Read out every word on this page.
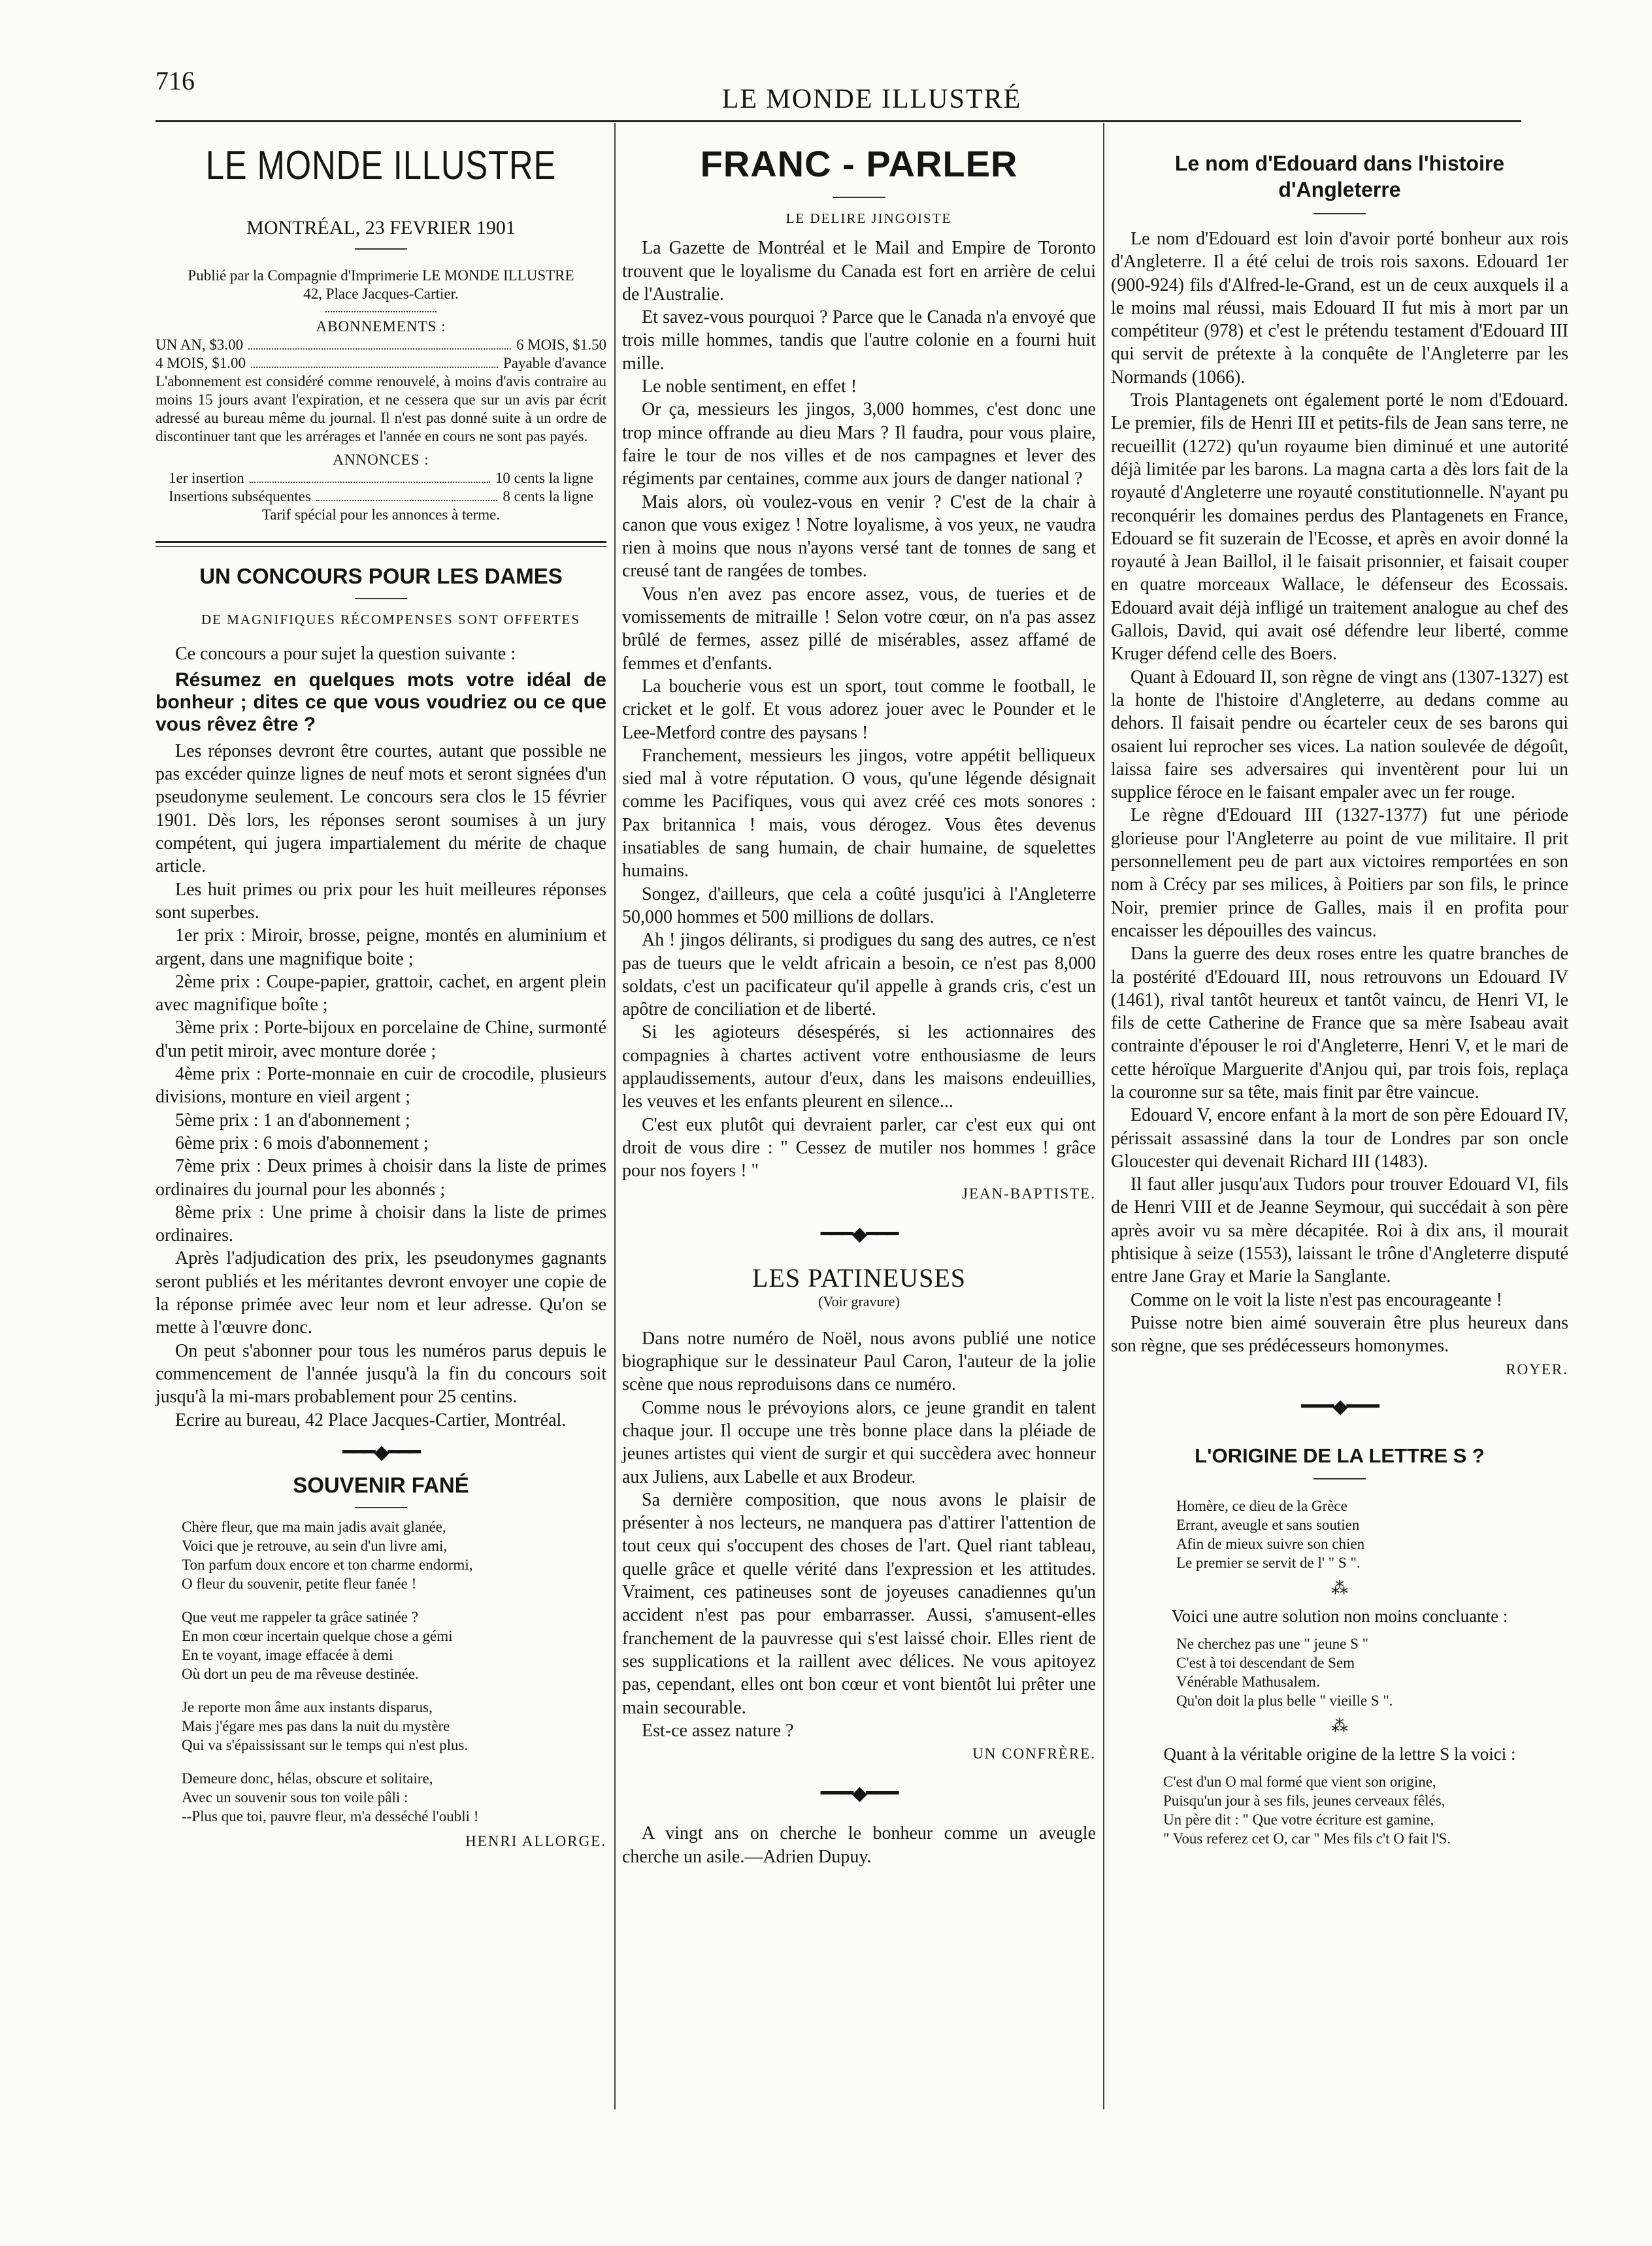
716
LE MONDE ILLUSTRÉ
LE MONDE ILLUSTRE

MONTRÉAL, 23 FEVRIER 1901

Publié par la Compagnie d'Imprimerie LE MONDE ILLUSTRE

42, Place Jacques-Cartier.

ABONNEMENTS :

UN AN, $3.00	6 MOIS, $1.50
4 MOIS, $1.00	Payable d'avance

L'abonnement est considéré comme renouvelé, à moins d'avis contraire au moins 15 jours avant l'expiration, et ne cessera que sur un avis par écrit adressé au bureau même du journal. Il n'est pas donné suite à un ordre de discontinuer tant que les arrérages et l'année en cours ne sont pas payés.

ANNONCES :

1er insertion	10 cents la ligne
Insertions subséquentes	8 cents la ligne

Tarif spécial pour les annonces à terme.

UN CONCOURS POUR LES DAMES

DE MAGNIFIQUES RÉCOMPENSES SONT OFFERTES

Ce concours a pour sujet la question suivante :

Résumez en quelques mots votre idéal de bonheur ; dites ce que vous voudriez ou ce que vous rêvez être ?

Les réponses devront être courtes, autant que possible ne pas excéder quinze lignes de neuf mots et seront signées d'un pseudonyme seulement. Le concours sera clos le 15 février 1901. Dès lors, les réponses seront soumises à un jury compétent, qui jugera impartialement du mérite de chaque article.

Les huit primes ou prix pour les huit meilleures réponses sont superbes.

1er prix : Miroir, brosse, peigne, montés en aluminium et argent, dans une magnifique boite ;

2ème prix : Coupe-papier, grattoir, cachet, en argent plein avec magnifique boîte ;

3ème prix : Porte-bijoux en porcelaine de Chine, surmonté d'un petit miroir, avec monture dorée ;

4ème prix : Porte-monnaie en cuir de crocodile, plusieurs divisions, monture en vieil argent ;

5ème prix : 1 an d'abonnement ;

6ème prix : 6 mois d'abonnement ;

7ème prix : Deux primes à choisir dans la liste de primes ordinaires du journal pour les abonnés ;

8ème prix : Une prime à choisir dans la liste de primes ordinaires.

Après l'adjudication des prix, les pseudonymes gagnants seront publiés et les méritantes devront envoyer une copie de la réponse primée avec leur nom et leur adresse. Qu'on se mette à l'œuvre donc.

On peut s'abonner pour tous les numéros parus depuis le commencement de l'année jusqu'à la fin du concours soit jusqu'à la mi-mars probablement pour 25 centins.

Ecrire au bureau, 42 Place Jacques-Cartier, Montréal.

━━━◆━━━
SOUVENIR FANÉ

Chère fleur, que ma main jadis avait glanée,

Voici que je retrouve, au sein d'un livre ami,

Ton parfum doux encore et ton charme endormi,

O fleur du souvenir, petite fleur fanée !

Que veut me rappeler ta grâce satinée ?

En mon cœur incertain quelque chose a gémi

En te voyant, image effacée à demi

Où dort un peu de ma rêveuse destinée.

Je reporte mon âme aux instants disparus,

Mais j'égare mes pas dans la nuit du mystère

Qui va s'épaississant sur le temps qui n'est plus.

Demeure donc, hélas, obscure et solitaire,

Avec un souvenir sous ton voile pâli :

--Plus que toi, pauvre fleur, m'a desséché l'oubli !

HENRI ALLORGE.

FRANC - PARLER

LE DELIRE JINGOISTE

La Gazette de Montréal et le Mail and Empire de Toronto trouvent que le loyalisme du Canada est fort en arrière de celui de l'Australie.

Et savez-vous pourquoi ? Parce que le Canada n'a envoyé que trois mille hommes, tandis que l'autre colonie en a fourni huit mille.

Le noble sentiment, en effet !

Or ça, messieurs les jingos, 3,000 hommes, c'est donc une trop mince offrande au dieu Mars ? Il faudra, pour vous plaire, faire le tour de nos villes et de nos campagnes et lever des régiments par centaines, comme aux jours de danger national ?

Mais alors, où voulez-vous en venir ? C'est de la chair à canon que vous exigez ! Notre loyalisme, à vos yeux, ne vaudra rien à moins que nous n'ayons versé tant de tonnes de sang et creusé tant de rangées de tombes.

Vous n'en avez pas encore assez, vous, de tueries et de vomissements de mitraille ! Selon votre cœur, on n'a pas assez brûlé de fermes, assez pillé de misérables, assez affamé de femmes et d'enfants.

La boucherie vous est un sport, tout comme le football, le cricket et le golf. Et vous adorez jouer avec le Pounder et le Lee-Metford contre des paysans !

Franchement, messieurs les jingos, votre appétit belliqueux sied mal à votre réputation. O vous, qu'une légende désignait comme les Pacifiques, vous qui avez créé ces mots sonores : Pax britannica ! mais, vous dérogez. Vous êtes devenus insatiables de sang humain, de chair humaine, de squelettes humains.

Songez, d'ailleurs, que cela a coûté jusqu'ici à l'Angleterre 50,000 hommes et 500 millions de dollars.

Ah ! jingos délirants, si prodigues du sang des autres, ce n'est pas de tueurs que le veldt africain a besoin, ce n'est pas 8,000 soldats, c'est un pacificateur qu'il appelle à grands cris, c'est un apôtre de conciliation et de liberté.

Si les agioteurs désespérés, si les actionnaires des compagnies à chartes activent votre enthousiasme de leurs applaudissements, autour d'eux, dans les maisons endeuillies, les veuves et les enfants pleurent en silence...

C'est eux plutôt qui devraient parler, car c'est eux qui ont droit de vous dire : " Cessez de mutiler nos hommes ! grâce pour nos foyers ! "

JEAN-BAPTISTE.

━━━◆━━━
LES PATINEUSES

(Voir gravure)

Dans notre numéro de Noël, nous avons publié une notice biographique sur le dessinateur Paul Caron, l'auteur de la jolie scène que nous reproduisons dans ce numéro.

Comme nous le prévoyions alors, ce jeune grandit en talent chaque jour. Il occupe une très bonne place dans la pléiade de jeunes artistes qui vient de surgir et qui succèdera avec honneur aux Juliens, aux Labelle et aux Brodeur.

Sa dernière composition, que nous avons le plaisir de présenter à nos lecteurs, ne manquera pas d'attirer l'attention de tout ceux qui s'occupent des choses de l'art. Quel riant tableau, quelle grâce et quelle vérité dans l'expression et les attitudes. Vraiment, ces patineuses sont de joyeuses canadiennes qu'un accident n'est pas pour embarrasser. Aussi, s'amusent-elles franchement de la pauvresse qui s'est laissé choir. Elles rient de ses supplications et la raillent avec délices. Ne vous apitoyez pas, cependant, elles ont bon cœur et vont bientôt lui prêter une main secourable.

Est-ce assez nature ?

UN CONFRÈRE.

━━━◆━━━

A vingt ans on cherche le bonheur comme un aveugle cherche un asile.—Adrien Dupuy.

Le nom d'Edouard dans l'histoire
d'Angleterre

Le nom d'Edouard est loin d'avoir porté bonheur aux rois d'Angleterre. Il a été celui de trois rois saxons. Edouard 1er (900-924) fils d'Alfred-le-Grand, est un de ceux auxquels il a le moins mal réussi, mais Edouard II fut mis à mort par un compétiteur (978) et c'est le prétendu testament d'Edouard III qui servit de prétexte à la conquête de l'Angleterre par les Normands (1066).

Trois Plantagenets ont également porté le nom d'Edouard. Le premier, fils de Henri III et petits-fils de Jean sans terre, ne recueillit (1272) qu'un royaume bien diminué et une autorité déjà limitée par les barons. La magna carta a dès lors fait de la royauté d'Angleterre une royauté constitutionnelle. N'ayant pu reconquérir les domaines perdus des Plantagenets en France, Edouard se fit suzerain de l'Ecosse, et après en avoir donné la royauté à Jean Baillol, il le faisait prisonnier, et faisait couper en quatre morceaux Wallace, le défenseur des Ecossais. Edouard avait déjà infligé un traitement analogue au chef des Gallois, David, qui avait osé défendre leur liberté, comme Kruger défend celle des Boers.

Quant à Edouard II, son règne de vingt ans (1307-1327) est la honte de l'histoire d'Angleterre, au dedans comme au dehors. Il faisait pendre ou écarteler ceux de ses barons qui osaient lui reprocher ses vices. La nation soulevée de dégoût, laissa faire ses adversaires qui inventèrent pour lui un supplice féroce en le faisant empaler avec un fer rouge.

Le règne d'Edouard III (1327-1377) fut une période glorieuse pour l'Angleterre au point de vue militaire. Il prit personnellement peu de part aux victoires remportées en son nom à Crécy par ses milices, à Poitiers par son fils, le prince Noir, premier prince de Galles, mais il en profita pour encaisser les dépouilles des vaincus.

Dans la guerre des deux roses entre les quatre branches de la postérité d'Edouard III, nous retrouvons un Edouard IV (1461), rival tantôt heureux et tantôt vaincu, de Henri VI, le fils de cette Catherine de France que sa mère Isabeau avait contrainte d'épouser le roi d'Angleterre, Henri V, et le mari de cette héroïque Marguerite d'Anjou qui, par trois fois, replaça la couronne sur sa tête, mais finit par être vaincue.

Edouard V, encore enfant à la mort de son père Edouard IV, périssait assassiné dans la tour de Londres par son oncle Gloucester qui devenait Richard III (1483).

Il faut aller jusqu'aux Tudors pour trouver Edouard VI, fils de Henri VIII et de Jeanne Seymour, qui succédait à son père après avoir vu sa mère décapitée. Roi à dix ans, il mourait phtisique à seize (1553), laissant le trône d'Angleterre disputé entre Jane Gray et Marie la Sanglante.

Comme on le voit la liste n'est pas encourageante !

Puisse notre bien aimé souverain être plus heureux dans son règne, que ses prédécesseurs homonymes.

ROYER.

━━━◆━━━
L'ORIGINE DE LA LETTRE S ?

Homère, ce dieu de la Grèce

Errant, aveugle et sans soutien

Afin de mieux suivre son chien

Le premier se servit de l' " S ".

⁂

Voici une autre solution non moins concluante :

Ne cherchez pas une " jeune S "

C'est à toi descendant de Sem

Vénérable Mathusalem.

Qu'on doit la plus belle " vieille S ".

⁂

Quant à la véritable origine de la lettre S la voici :

C'est d'un O mal formé que vient son origine,

Puisqu'un jour à ses fils, jeunes cerveaux fêlés,

Un père dit : " Que votre écriture est gamine,

" Vous referez cet O, car " Mes fils c't O fait l'S.
